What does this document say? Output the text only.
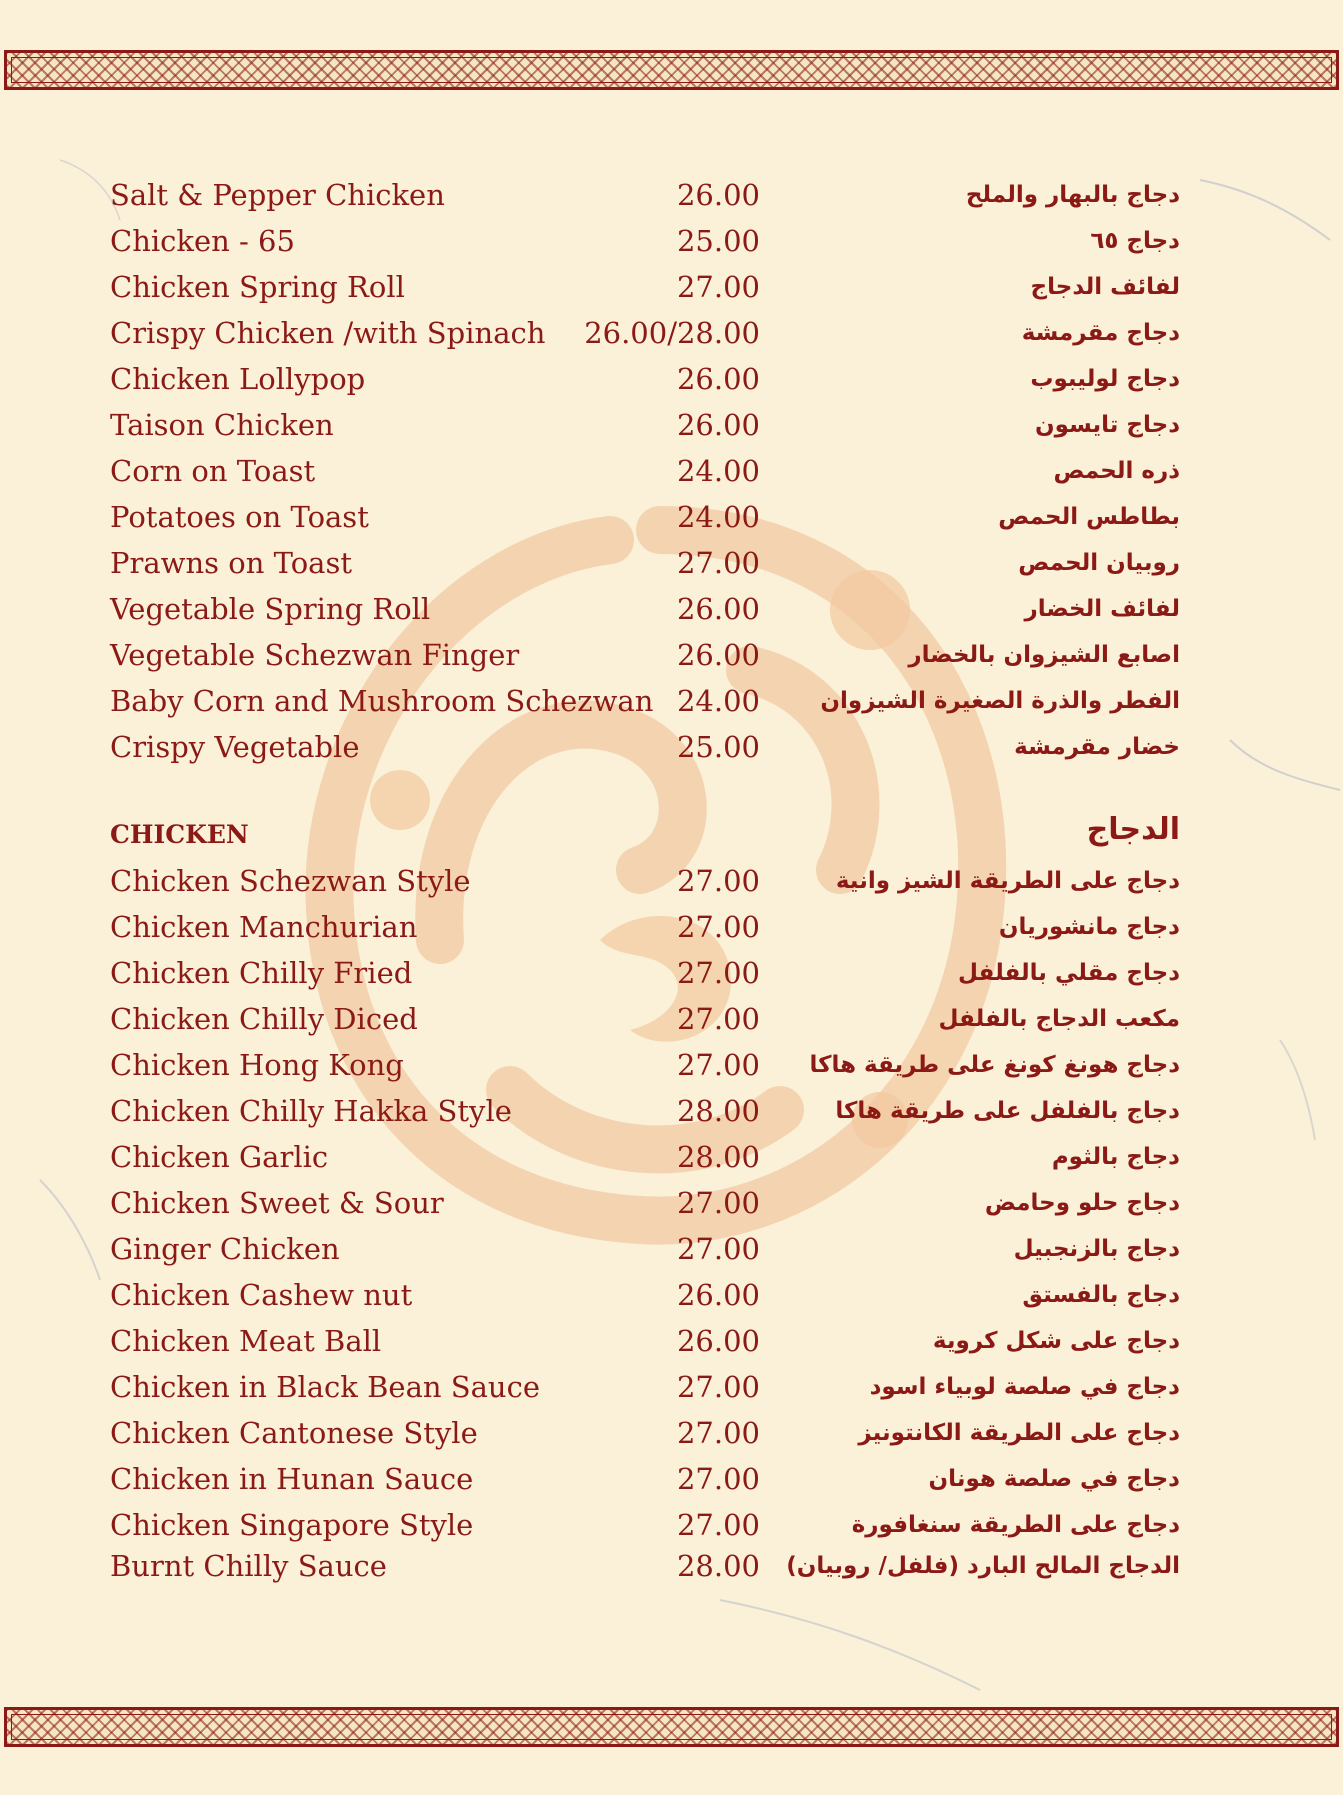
Salt & Pepper Chicken	26.00	دجاج بالبهار والملح
Chicken - 65	25.00	دجاج ٦٥
Chicken Spring Roll	27.00	لفائف الدجاج
Crispy Chicken /with Spinach 26.00/28.00	دجاج مقرمشة
Chicken Lollypop	26.00	دجاج لوليبوب
Taison Chicken	26.00	دجاج تايسون
Corn on Toast	24.00	ذره الحمص
Potatoes on Toast	24.00	بطاطس الحمص
Prawns on Toast	27.00	روبيان الحمص
Vegetable Spring Roll	26.00	لفائف الخضار
Vegetable Schezwan Finger	26.00	اصابع الشيزوان بالخضار
Baby Corn and Mushroom Schezwan 24.00	الفطر والذرة الصغيرة الشيزوان
Crispy Vegetable	25.00	خضار مقرمشة
CHICKEN	الدجاج
Chicken Schezwan Style	27.00	دجاج على الطريقة الشيز وانية
Chicken Manchurian	27.00	دجاج مانشوريان
Chicken Chilly Fried	27.00	دجاج مقلي بالفلفل
Chicken Chilly Diced	27.00	مكعب الدجاج بالفلفل
Chicken Hong Kong	27.00 دجاج هونغ كونغ على طريقة هاكا
Chicken Chilly Hakka Style	28.00	دجاج بالفلفل على طريقة هاكا
Chicken Garlic	28.00	دجاج بالثوم
Chicken Sweet & Sour	27.00	دجاج حلو وحامض
Ginger Chicken	27.00	دجاج بالزنجبيل
Chicken Cashew nut	26.00	دجاج بالفستق
Chicken Meat Ball	26.00	دجاج على شكل كروية
Chicken in Black Bean Sauce	27.00	دجاج في صلصة لوبياء اسود
Chicken Cantonese Style	27.00	دجاج على الطريقة الكانتونيز
Chicken in Hunan Sauce	27.00	دجاج في صلصة هونان
Chicken Singapore Style	27.00	دجاج على الطريقة سنغافورة
Burnt Chilly Sauce	28.00 الدجاج المالح البارد (فلفل/ روبيان)
